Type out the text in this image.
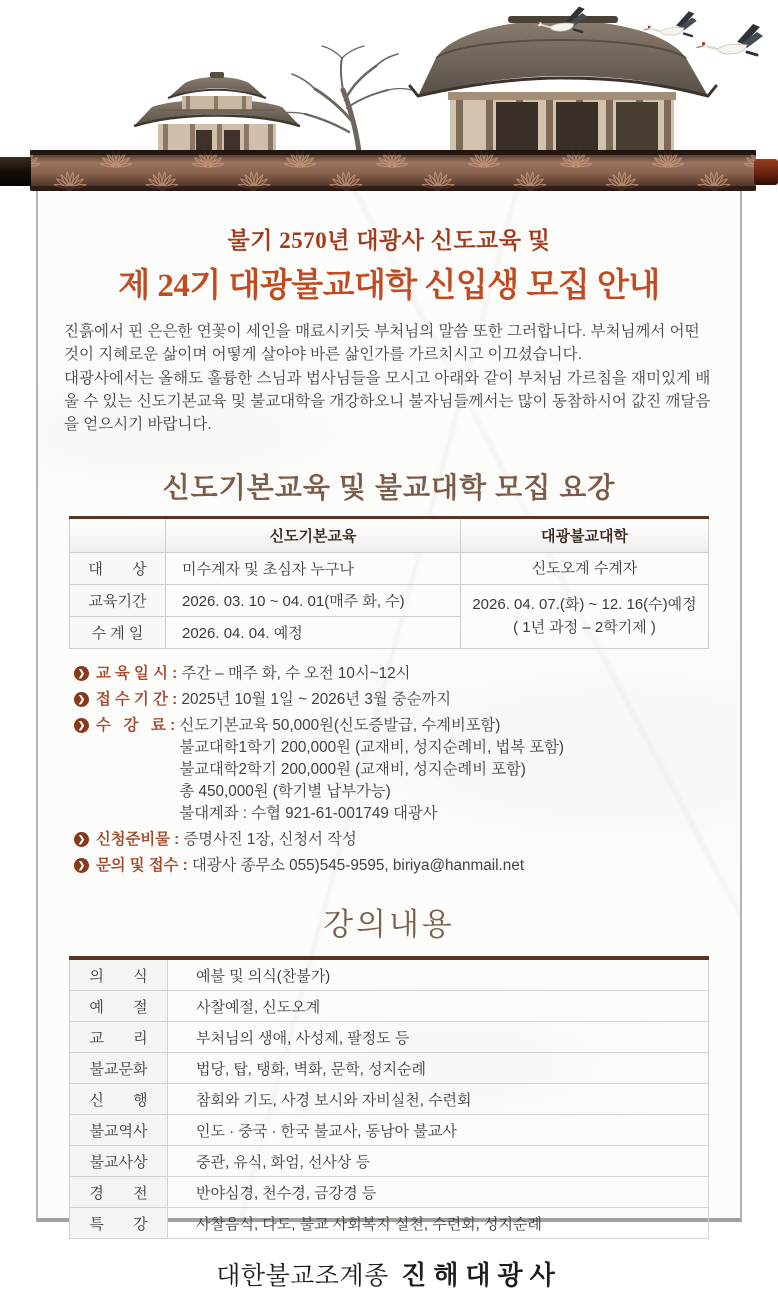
불기 2570년 대광사 신도교육 및
제 24기 대광불교대학 신입생 모집 안내

진흙에서 핀 은은한 연꽃이 세인을 매료시키듯 부처님의 말씀 또한 그러합니다. 부처님께서 어떤 것이 지혜로운 삶이며 어떻게 살아야 바른 삶인가를 가르치시고 이끄셨습니다.

대광사에서는 올해도 훌륭한 스님과 법사님들을 모시고 아래와 같이 부처님 가르침을 재미있게 배울 수 있는 신도기본교육 및 불교대학을 개강하오니 불자님들께서는 많이 동참하시어 값진 깨달음을 얻으시기 바랍니다.

신도기본교육 및 불교대학 모집 요강
	신도기본교육	대광불교대학
대       상	미수계자 및 초심자 누구나	신도오계 수계자
교육기간	2026. 03. 10 ~ 04. 01(매주 화, 수)	2026. 04. 07.(화) ~ 12. 16(수)예정
( 1년 과정 – 2학기제 )
수 계 일	2026. 04. 04. 예정	
❯ 교 육 일 시 : 주간 – 매주 화, 수 오전 10시~12시
❯ 접 수 기 간 : 2025년 10월 1일 ~ 2026년 3월 중순까지
❯ 수   강   료 : 신도기본교육 50,000원(신도증발급, 수계비포함)
불교대학1학기 200,000원 (교재비, 성지순례비, 법복 포함)
불교대학2학기 200,000원 (교재비, 성지순례비 포함)
총 450,000원 (학기별 납부가능)
불대계좌 : 수협 921-61-001749 대광사
❯ 신청준비물 : 증명사진 1장, 신청서 작성
❯ 문의 및 접수 : 대광사 종무소 055)545-9595, biriya@hanmail.net
강의내용
의       식	예불 및 의식(찬불가)
예       절	사찰예절, 신도오계
교       리	부처님의 생애, 사성제, 팔정도 등
불교문화	법당, 탑, 탱화, 벽화, 문학, 성지순례
신       행	참회와 기도, 사경 보시와 자비실천, 수련회
불교역사	인도 · 중국 · 한국 불교사, 동남아 불교사
불교사상	중관, 유식, 화엄, 선사상 등
경       전	반야심경, 천수경, 금강경 등
특       강	사찰음식, 다도, 불교 사회복지 실천, 수련회, 성지순례
대한불교조계종 진해대광사
